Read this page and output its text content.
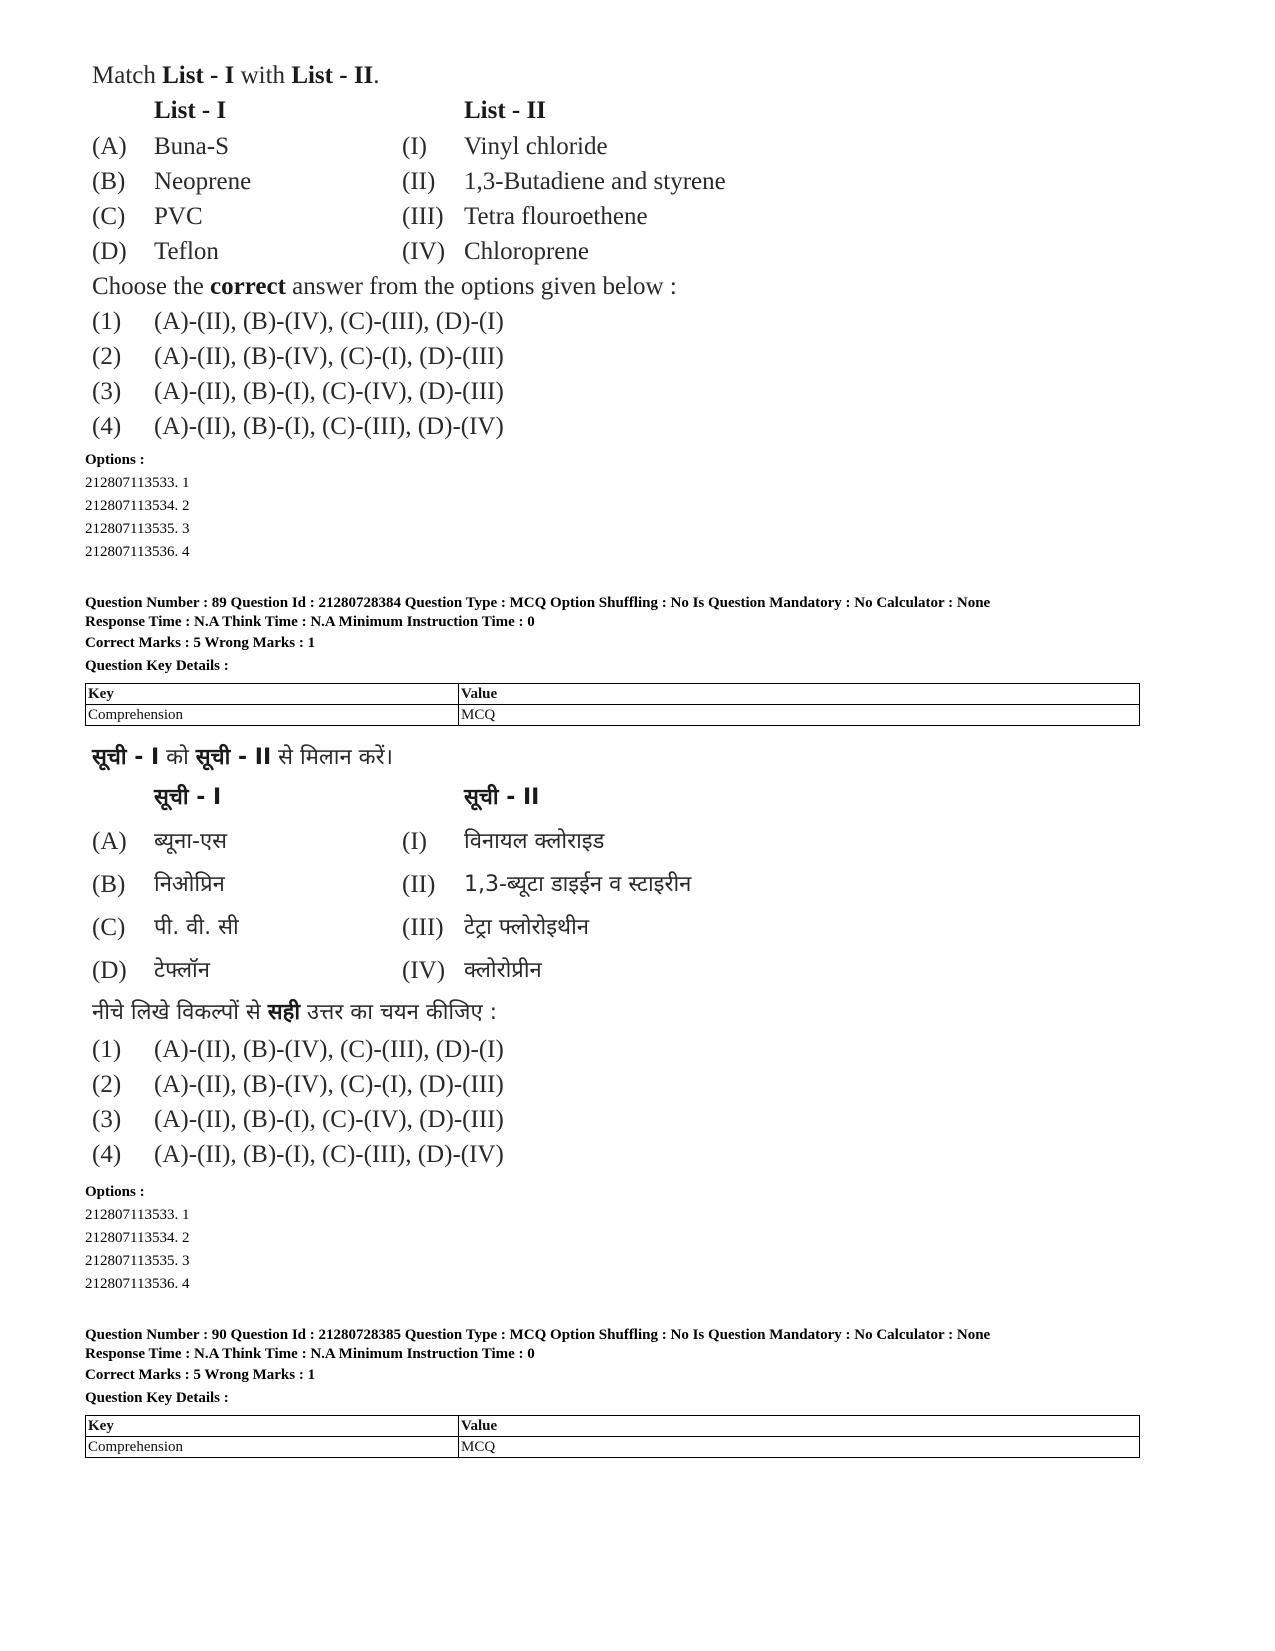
Match List - I with List - II.
List - I	List - II
(A) Buna-S	(I) Vinyl chloride
(B) Neoprene	(II) 1,3-Butadiene and styrene
(C) PVC	(III) Tetra flouroethene
(D) Teflon	(IV) Chloroprene
Choose the correct answer from the options given below :
(1) (A)-(II), (B)-(IV), (C)-(III), (D)-(I)
(2) (A)-(II), (B)-(IV), (C)-(I), (D)-(III)
(3) (A)-(II), (B)-(I), (C)-(IV), (D)-(III)
(4) (A)-(II), (B)-(I), (C)-(III), (D)-(IV)
Options :
212807113533. 1
212807113534. 2
212807113535. 3
212807113536. 4
Question Number : 89 Question Id : 21280728384 Question Type : MCQ Option Shuffling : No Is Question Mandatory : No Calculator : None
Response Time : N.A Think Time : N.A Minimum Instruction Time : 0
Correct Marks : 5 Wrong Marks : 1
Question Key Details :
Key	Value
Comprehension	MCQ
सूची - I को सूची - II से मिलान करें।
सूची - I	सूची - II
(A) ब्यूना-एस	(I) विनायल क्लोराइड
(B) निओप्रिन	(II) 1,3-ब्यूटा डाइईन व स्टाइरीन
(C) पी. वी. सी	(III) टेट्रा फ्लोरोइथीन
(D) टेफ्लॉन	(IV) क्लोरोप्रीन
नीचे लिखे विकल्पों से सही उत्तर का चयन कीजिए :
(1) (A)-(II), (B)-(IV), (C)-(III), (D)-(I)
(2) (A)-(II), (B)-(IV), (C)-(I), (D)-(III)
(3) (A)-(II), (B)-(I), (C)-(IV), (D)-(III)
(4) (A)-(II), (B)-(I), (C)-(III), (D)-(IV)
Options :
212807113533. 1
212807113534. 2
212807113535. 3
212807113536. 4
Question Number : 90 Question Id : 21280728385 Question Type : MCQ Option Shuffling : No Is Question Mandatory : No Calculator : None
Response Time : N.A Think Time : N.A Minimum Instruction Time : 0
Correct Marks : 5 Wrong Marks : 1
Question Key Details :
Key	Value
Comprehension	MCQ
